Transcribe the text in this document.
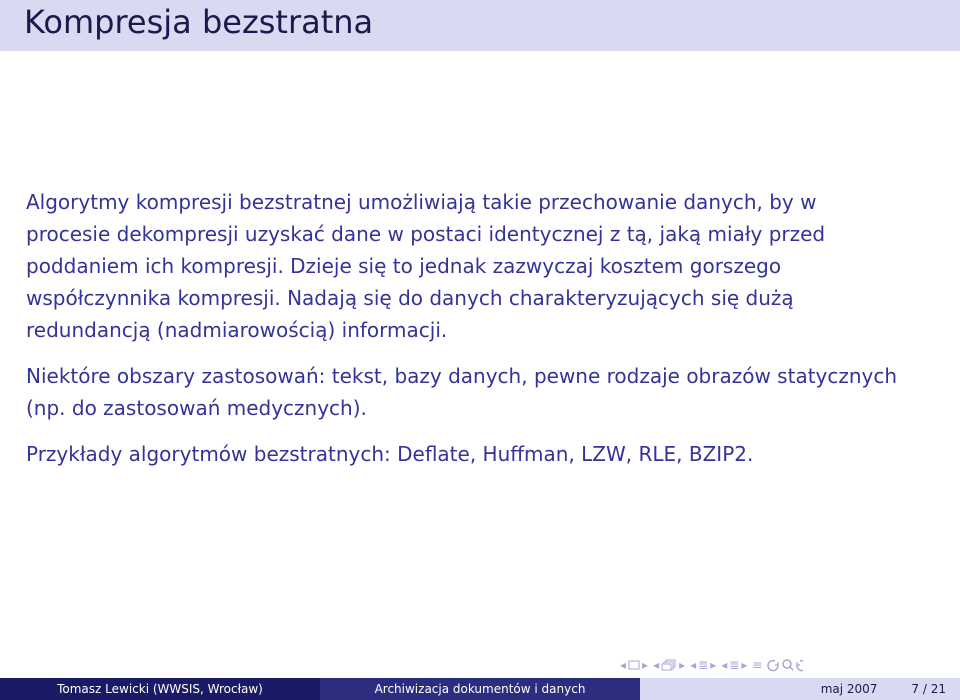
Kompresja bezstratna

Algorytmy kompresji bezstratnej umożliwiają takie przechowanie danych, by w procesie dekompresji uzyskać dane w postaci identycznej z tą, jaką miały przed poddaniem ich kompresji. Dzieje się to jednak zazwyczaj kosztem gorszego współczynnika kompresji. Nadają się do danych charakteryzujących się dużą redundancją (nadmiarowością) informacji.

Niektóre obszary zastosowań: tekst, bazy danych, pewne rodzaje obrazów statycznych (np. do zastosowań medycznych).

Przykłady algorytmów bezstratnych: Deflate, Huffman, LZW, RLE, BZIP2.

◂ ▸ ◂ ▸ ◂ ≣ ▸ ◂ ≣ ▸ ≡
Tomasz Lewicki (WWSIS, Wrocław)	Archiwizacja dokumentów i danych	maj 2007	7 / 21
